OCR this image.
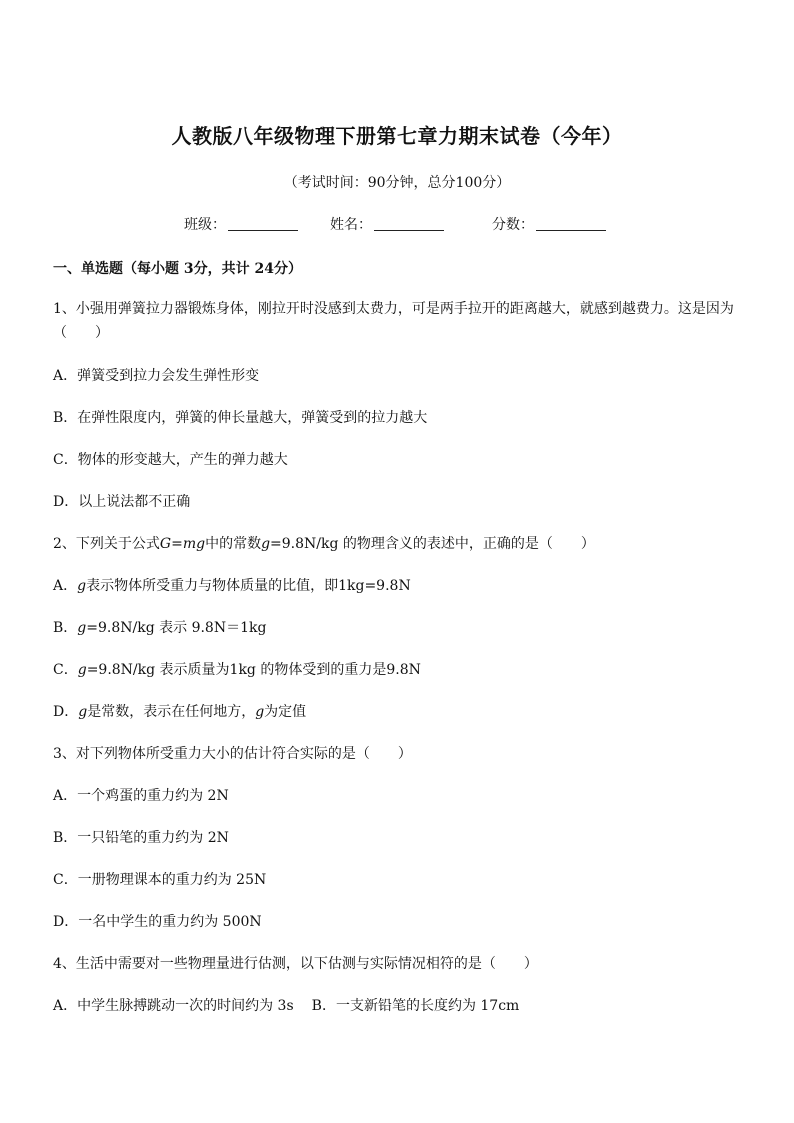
人教版八年级物理下册第七章力期末试卷（今年）
（考试时间：90分钟，总分100分）
班级：	姓名：	分数：
一、单选题（每小题 3分，共计 24分）
1、小强用弹簧拉力器锻炼身体，刚拉开时没感到太费力，可是两手拉开的距离越大，就感到越费力。这是因为（　　）
A．弹簧受到拉力会发生弹性形变
B．在弹性限度内，弹簧的伸长量越大，弹簧受到的拉力越大
C．物体的形变越大，产生的弹力越大
D．以上说法都不正确
2、下列关于公式G=mg中的常数g=9.8N/kg 的物理含义的表述中，正确的是（　　）
A．g表示物体所受重力与物体质量的比值，即1kg=9.8N
B．g=9.8N/kg 表示 9.8N＝1kg
C．g=9.8N/kg 表示质量为1kg 的物体受到的重力是9.8N
D．g是常数，表示在任何地方，g为定值
3、对下列物体所受重力大小的估计符合实际的是（　　）
A．一个鸡蛋的重力约为 2N
B．一只铅笔的重力约为 2N
C．一册物理课本的重力约为 25N
D．一名中学生的重力约为 500N
4、生活中需要对一些物理量进行估测，以下估测与实际情况相符的是（　　）
A．中学生脉搏跳动一次的时间约为 3s B．一支新铅笔的长度约为 17cm
